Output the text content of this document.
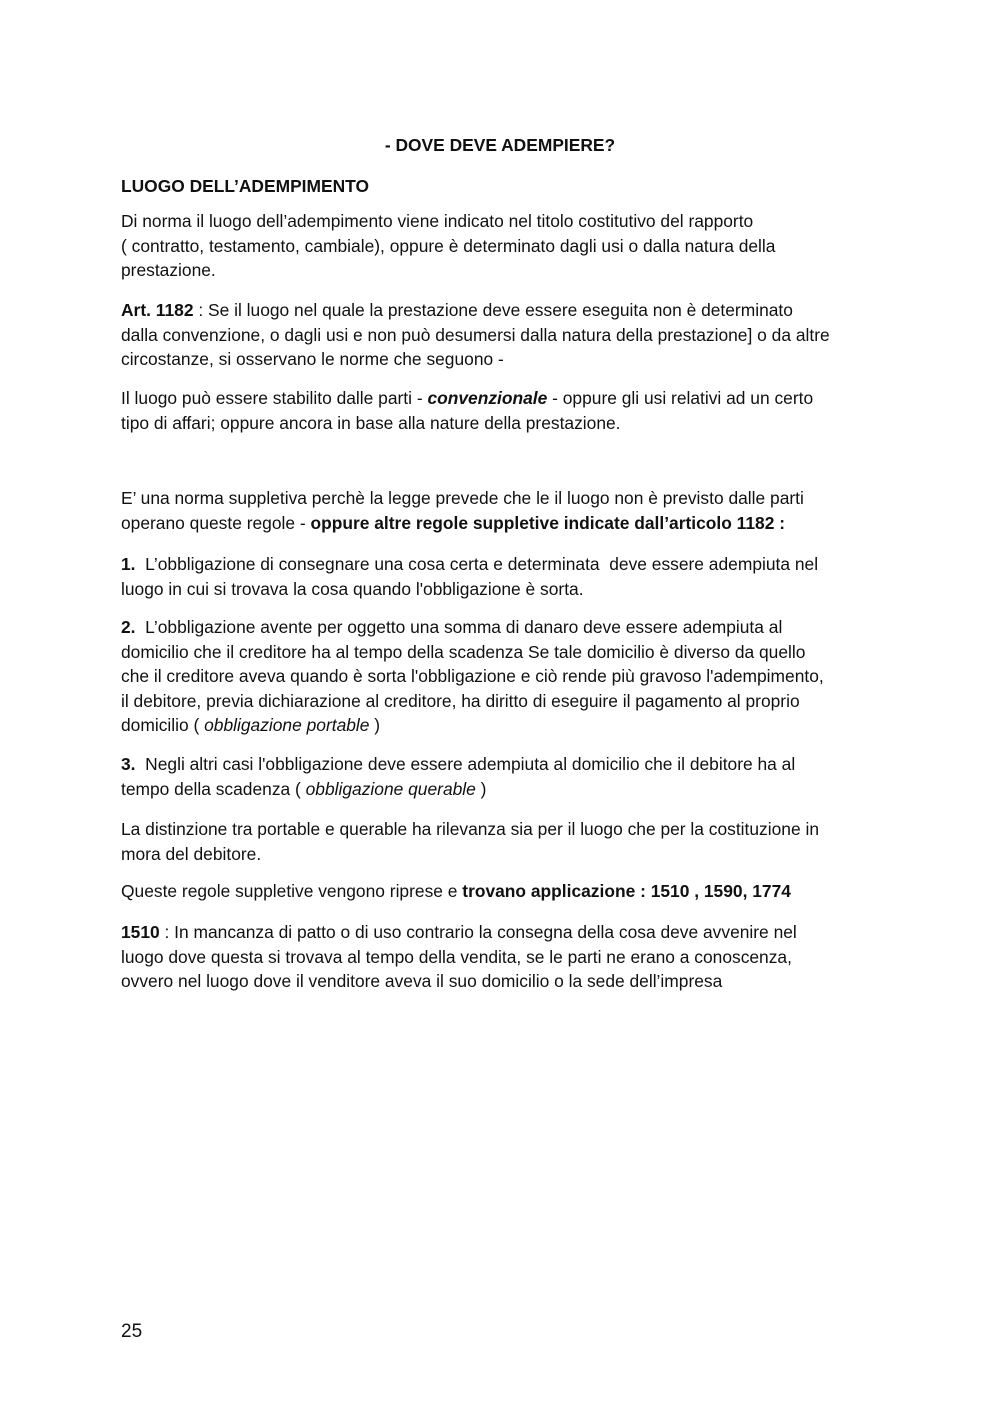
- DOVE DEVE ADEMPIERE?
LUOGO DELL’ADEMPIMENTO

Di norma il luogo dell’adempimento viene indicato nel titolo costitutivo del rapporto
( contratto, testamento, cambiale), oppure è determinato dagli usi o dalla natura della
prestazione.

Art. 1182 : Se il luogo nel quale la prestazione deve essere eseguita non è determinato
dalla convenzione, o dagli usi e non può desumersi dalla natura della prestazione] o da altre
circostanze, si osservano le norme che seguono -

Il luogo può essere stabilito dalle parti - convenzionale - oppure gli usi relativi ad un certo
tipo di affari; oppure ancora in base alla nature della prestazione.

E’ una norma suppletiva perchè la legge prevede che le il luogo non è previsto dalle parti
operano queste regole - oppure altre regole suppletive indicate dall’articolo 1182 :

1.  L’obbligazione di consegnare una cosa certa e determinata  deve essere adempiuta nel
luogo in cui si trovava la cosa quando l'obbligazione è sorta.

2.  L’obbligazione avente per oggetto una somma di danaro deve essere adempiuta al
domicilio che il creditore ha al tempo della scadenza Se tale domicilio è diverso da quello
che il creditore aveva quando è sorta l'obbligazione e ciò rende più gravoso l'adempimento,
il debitore, previa dichiarazione al creditore, ha diritto di eseguire il pagamento al proprio
domicilio ( obbligazione portable )

3.  Negli altri casi l'obbligazione deve essere adempiuta al domicilio che il debitore ha al
tempo della scadenza ( obbligazione querable )

La distinzione tra portable e querable ha rilevanza sia per il luogo che per la costituzione in
mora del debitore.

Queste regole suppletive vengono riprese e trovano applicazione : 1510 , 1590, 1774

1510 : In mancanza di patto o di uso contrario la consegna della cosa deve avvenire nel
luogo dove questa si trovava al tempo della vendita, se le parti ne erano a conoscenza,
ovvero nel luogo dove il venditore aveva il suo domicilio o la sede dell’impresa

25
